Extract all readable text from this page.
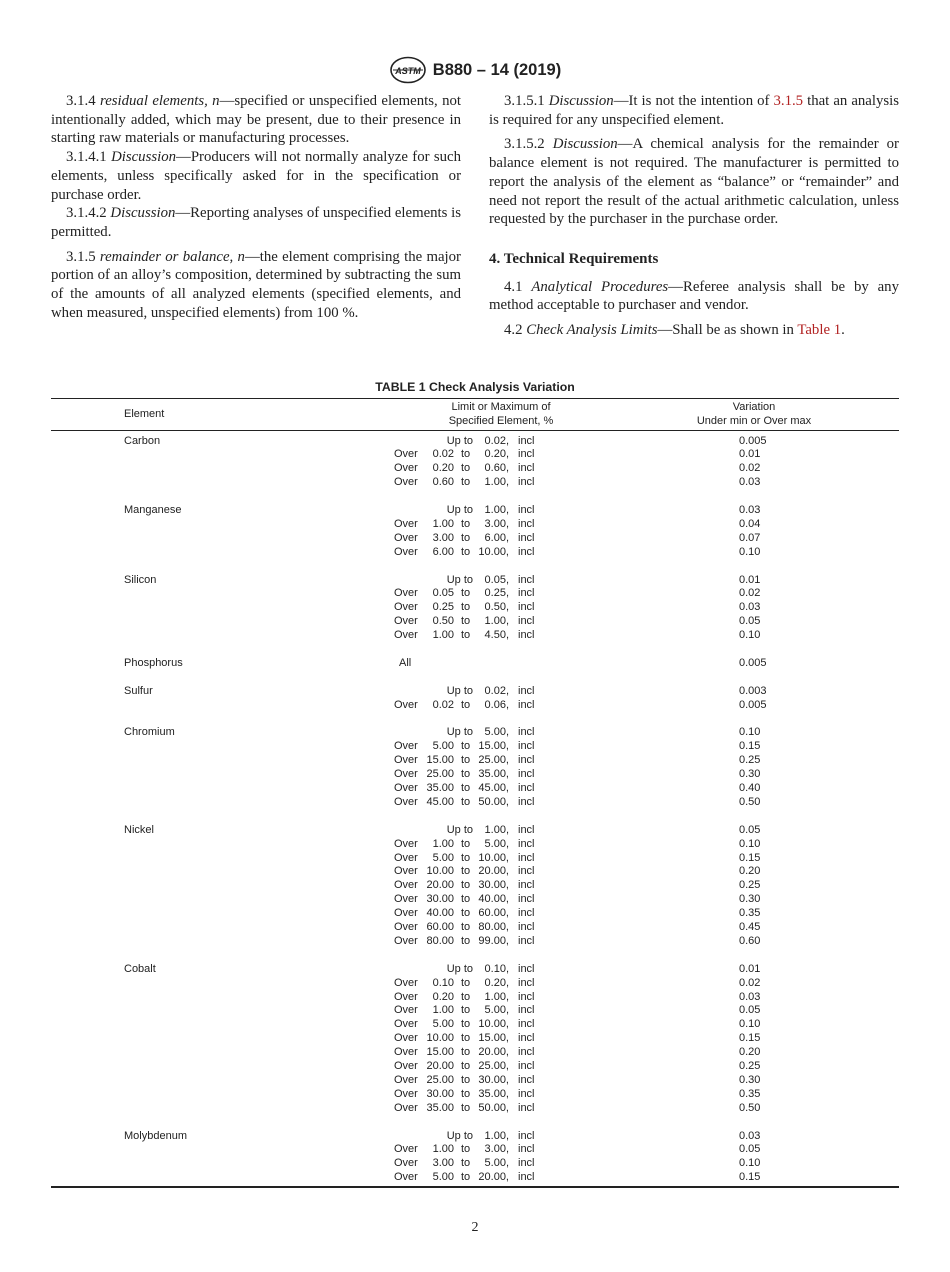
ASTM B880 – 14 (2019)

3.1.4 residual elements, n—specified or unspecified elements, not intentionally added, which may be present, due to their presence in starting raw materials or manufacturing processes.

3.1.4.1 Discussion—Producers will not normally analyze for such elements, unless specifically asked for in the specification or purchase order.

3.1.4.2 Discussion—Reporting analyses of unspecified elements is permitted.

3.1.5 remainder or balance, n—the element comprising the major portion of an alloy’s composition, determined by subtracting the sum of the amounts of all analyzed elements (specified elements, and when measured, unspecified elements) from 100 %.

3.1.5.1 Discussion—It is not the intention of 3.1.5 that an analysis is required for any unspecified element.

3.1.5.2 Discussion—A chemical analysis for the remainder or balance element is not required. The manufacturer is permitted to report the analysis of the element as “balance” or “remainder” and need not report the result of the actual arithmetic calculation, unless requested by the purchaser in the purchase order.

4. Technical Requirements

4.1 Analytical Procedures—Referee analysis shall be by any method acceptable to purchaser and vendor.

4.2 Check Analysis Limits—Shall be as shown in Table 1.

TABLE 1 Check Analysis Variation
Element
Limit or Maximum of
Specified Element, %
Variation
Under min or Over max
Carbon	Up to	0.02, incl	0.005
Over	0.02 to	0.20, incl	0.01
Over	0.20 to	0.60, incl	0.02
Over	0.60 to	1.00, incl	0.03
Manganese	Up to	1.00, incl	0.03
Over	1.00 to	3.00, incl	0.04
Over	3.00 to	6.00, incl	0.07
Over	6.00 to 10.00, incl	0.10
Silicon	Up to	0.05, incl	0.01
Over	0.05 to	0.25, incl	0.02
Over	0.25 to	0.50, incl	0.03
Over	0.50 to	1.00, incl	0.05
Over	1.00 to	4.50, incl	0.10
Phosphorus	All	0.005
Sulfur	Up to	0.02, incl	0.003
Over	0.02 to	0.06, incl	0.005
Chromium	Up to	5.00, incl	0.10
Over	5.00 to 15.00, incl	0.15
Over 15.00 to 25.00, incl	0.25
Over 25.00 to 35.00, incl	0.30
Over 35.00 to 45.00, incl	0.40
Over 45.00 to 50.00, incl	0.50
Nickel	Up to	1.00, incl	0.05
Over	1.00 to	5.00, incl	0.10
Over	5.00 to 10.00, incl	0.15
Over 10.00 to 20.00, incl	0.20
Over 20.00 to 30.00, incl	0.25
Over 30.00 to 40.00, incl	0.30
Over 40.00 to 60.00, incl	0.35
Over 60.00 to 80.00, incl	0.45
Over 80.00 to 99.00, incl	0.60
Cobalt	Up to	0.10, incl	0.01
Over	0.10 to	0.20, incl	0.02
Over	0.20 to	1.00, incl	0.03
Over	1.00 to	5.00, incl	0.05
Over	5.00 to 10.00, incl	0.10
Over 10.00 to 15.00, incl	0.15
Over 15.00 to 20.00, incl	0.20
Over 20.00 to 25.00, incl	0.25
Over 25.00 to 30.00, incl	0.30
Over 30.00 to 35.00, incl	0.35
Over 35.00 to 50.00, incl	0.50
Molybdenum	Up to	1.00, incl	0.03
Over	1.00 to	3.00, incl	0.05
Over	3.00 to	5.00, incl	0.10
Over	5.00 to 20.00, incl	0.15
2
